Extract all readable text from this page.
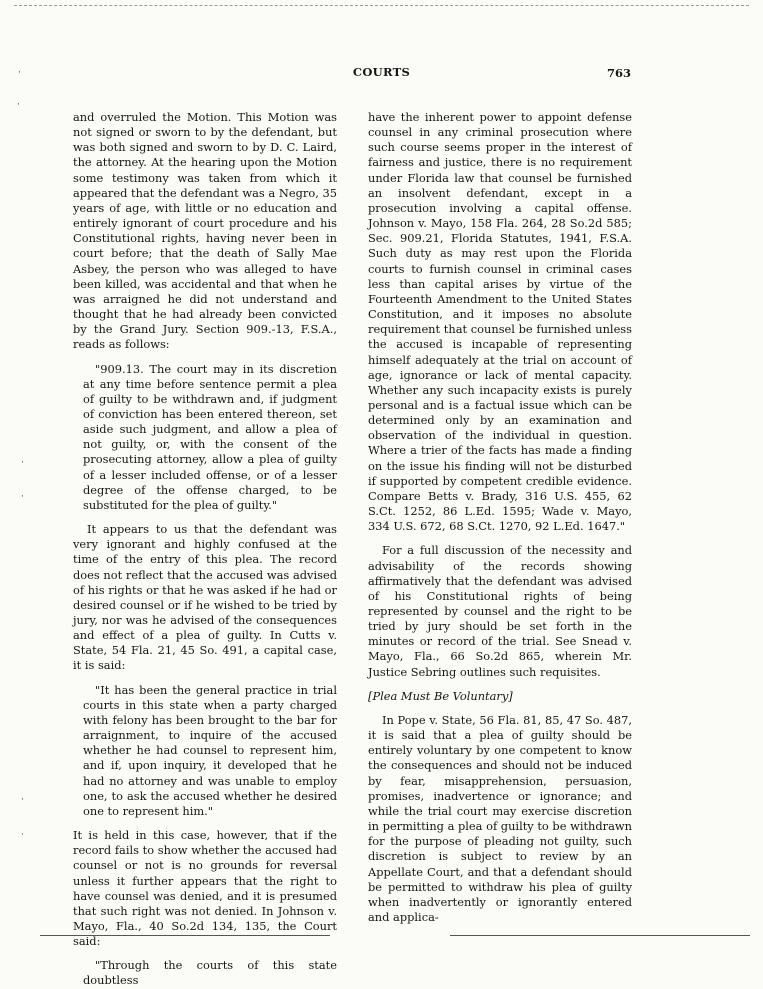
COURTS	763
·
·
·
·
·
·

and overruled the Motion. This Motion was not signed or sworn to by the defendant, but was both signed and sworn to by D. C. Laird, the attorney. At the hearing upon the Motion some testimony was taken from which it appeared that the defendant was a Negro, 35 years of age, with little or no education and entirely ignorant of court procedure and his Constitutional rights, having never been in court before; that the death of Sally Mae Asbey, the person who was alleged to have been killed, was accidental and that when he was arraigned he did not understand and thought that he had already been convicted by the Grand Jury. Section 909.-13, F.S.A., reads as follows:

"909.13. The court may in its discretion at any time before sentence permit a plea of guilty to be withdrawn and, if judgment of conviction has been entered thereon, set aside such judgment, and allow a plea of not guilty, or, with the consent of the prosecuting attorney, allow a plea of guilty of a lesser included offense, or of a lesser degree of the offense charged, to be substituted for the plea of guilty."

It appears to us that the defendant was very ignorant and highly confused at the time of the entry of this plea. The record does not reflect that the accused was advised of his rights or that he was asked if he had or desired counsel or if he wished to be tried by jury, nor was he advised of the consequences and effect of a plea of guilty. In Cutts v. State, 54 Fla. 21, 45 So. 491, a capital case, it is said:

"It has been the general practice in trial courts in this state when a party charged with felony has been brought to the bar for arraignment, to inquire of the accused whether he had counsel to represent him, and if, upon inquiry, it developed that he had no attorney and was unable to employ one, to ask the accused whether he desired one to represent him."

It is held in this case, however, that if the record fails to show whether the accused had counsel or not is no grounds for reversal unless it further appears that the right to have counsel was denied, and it is presumed that such right was not denied. In Johnson v. Mayo, Fla., 40 So.2d 134, 135, the Court said:

"Through the courts of this state doubtless

have the inherent power to appoint defense counsel in any criminal prosecution where such course seems proper in the interest of fairness and justice, there is no requirement under Florida law that counsel be furnished an insolvent defendant, except in a prosecution involving a capital offense. Johnson v. Mayo, 158 Fla. 264, 28 So.2d 585; Sec. 909.21, Florida Statutes, 1941, F.S.A. Such duty as may rest upon the Florida courts to furnish counsel in criminal cases less than capital arises by virtue of the Fourteenth Amendment to the United States Constitution, and it imposes no absolute requirement that counsel be furnished unless the accused is incapable of representing himself adequately at the trial on account of age, ignorance or lack of mental capacity. Whether any such incapacity exists is purely personal and is a factual issue which can be determined only by an examination and observation of the individual in question. Where a trier of the facts has made a finding on the issue his finding will not be disturbed if supported by competent credible evidence. Compare Betts v. Brady, 316 U.S. 455, 62 S.Ct. 1252, 86 L.Ed. 1595; Wade v. Mayo, 334 U.S. 672, 68 S.Ct. 1270, 92 L.Ed. 1647."

For a full discussion of the necessity and advisability of the records showing affirmatively that the defendant was advised of his Constitutional rights of being represented by counsel and the right to be tried by jury should be set forth in the minutes or record of the trial. See Snead v. Mayo, Fla., 66 So.2d 865, wherein Mr. Justice Sebring outlines such requisites.

[Plea Must Be Voluntary]

In Pope v. State, 56 Fla. 81, 85, 47 So. 487, it is said that a plea of guilty should be entirely voluntary by one competent to know the consequences and should not be induced by fear, misapprehension, persuasion, promises, inadvertence or ignorance; and while the trial court may exercise discretion in permitting a plea of guilty to be withdrawn for the purpose of pleading not guilty, such discretion is subject to review by an Appellate Court, and that a defendant should be permitted to withdraw his plea of guilty when inadvertently or ignorantly entered and applica-
